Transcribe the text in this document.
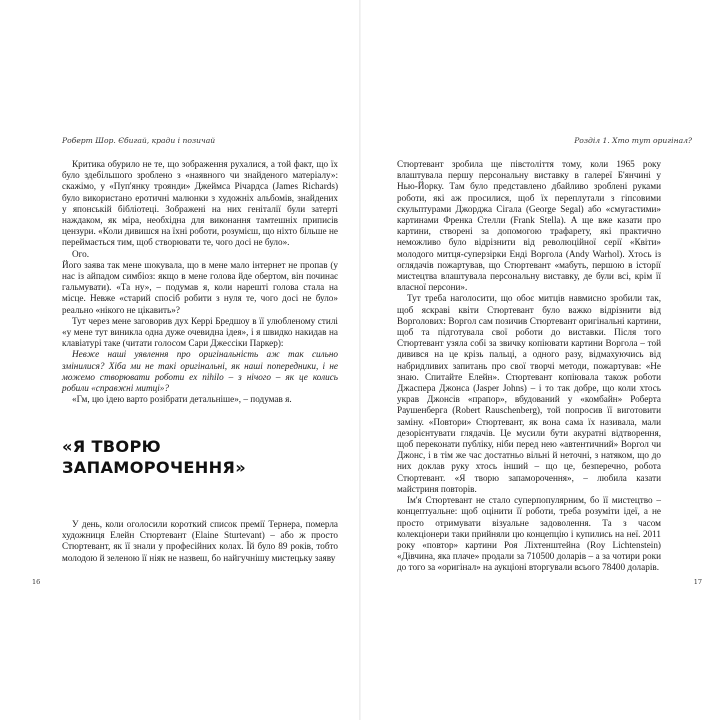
Роберт Шор. Єбигай, кради і позичай

Критика обурило не те, що зображення рухалися, а той факт, що їх було здебільшого зроблено з «наявного чи знайденого матеріалу»: скажімо, у «Пуп'янку троянди» Джеймса Річардса (James Richards) було використано еротичні малюнки з художніх альбомів, знайдених у японській бібліотеці. Зображені на них геніталії були затерті наждаком, як міра, необхідна для виконання тамтешніх приписів цензури. «Коли дивишся на їхні роботи, розумієш, що ніхто більше не переймається тим, щоб створювати те, чого досі не було».

Ого.

Його заява так мене шокувала, що в мене мало інтернет не пропав (у нас із айпадом симбіоз: якщо в мене голова йде обертом, він починає гальмувати). «Та ну», – подумав я, коли нарешті голова стала на місце. Невже «старий спосіб робити з нуля те, чого досі не було» реально «нікого не цікавить»?

Тут через мене заговорив дух Керрі Бредшоу в її улюбленому стилі «у мене тут виникла одна дуже очевидна ідея», і я швидко накидав на клавіатурі таке (читати голосом Сари Джессіки Паркер):

Невже наші уявлення про оригінальність аж так сильно змінилися? Хіба ми не такі оригінальні, як наші попередники, і не можемо створювати роботи ex nihilo – з нічого – як це колись робили «справжні митці»?

«Гм, цю ідею варто розібрати детальніше», – подумав я.

«Я ТВОРЮ
ЗАПАМОРОЧЕННЯ»

У день, коли оголосили короткий список премії Тернера, померла художниця Елейн Стюртевант (Elaine Sturtevant) – або ж просто Стюртевант, як її знали у професійних колах. Їй було 89 років, тобто молодою й зеленою її ніяк не назвеш, бо найгучнішу мистецьку заяву

16
Розділ 1. Хто тут оригінал?

Стюртевант зробила ще півстоліття тому, коли 1965 року влаштувала першу персональну виставку в галереї Б'янчині у Нью-Йорку. Там було представлено дбайливо зроблені руками роботи, які аж просилися, щоб їх переплутали з гіпсовими скульптурами Джорджа Сігала (George Segal) або «смугастими» картинами Френка Стелли (Frank Stella). А ще вже казати про картини, створені за допомогою трафарету, які практично неможливо було відрізнити від революційної серії «Квіти» молодого митця-суперзірки Енді Воргола (Andy Warhol). Хтось із оглядачів пожартував, що Стюртевант «мабуть, першою в історії мистецтва влаштувала персональну виставку, де були всі, крім її власної персони».

Тут треба наголосити, що обоє митців навмисно зробили так, щоб яскраві квіти Стюртевант було важко відрізнити від Ворголових: Воргол сам позичив Стюртевант оригінальні картини, щоб та підготувала свої роботи до виставки. Після того Стюртевант узяла собі за звичку копіювати картини Воргола – той дивився на це крізь пальці, а одного разу, відмахуючись від набридливих запитань про свої творчі методи, пожартував: «Не знаю. Спитайте Елейн». Стюртевант копіювала також роботи Джаспера Джонса (Jasper Johns) – і то так добре, що коли хтось украв Джонсів «прапор», вбудований у «комбайн» Роберта Раушенберга (Robert Rauschenberg), той попросив її виготовити заміну. «Повтори» Стюртевант, як вона сама їх називала, мали дезорієнтувати глядачів. Це мусили бути акуратні відтворення, щоб переконати публіку, ніби перед нею «автентичний» Воргол чи Джонс, і в тім же час достатньо вільні й неточні, з натяком, що до них доклав руку хтось інший – що це, безперечно, робота Стюртевант. «Я творю запаморочення», – любила казати майстриня повторів.

Ім'я Стюртевант не стало суперпопулярним, бо її мистецтво – концептуальне: щоб оцінити її роботи, треба розуміти ідеї, а не просто отримувати візуальне задоволення. Та з часом колекціонери таки прийняли цю концепцію і купились на неї. 2011 року «повтор» картини Роя Ліхтенштейна (Roy Lichtenstein) «Дівчина, яка плаче» продали за 710500 доларів – а за чотири роки до того за «оригінал» на аукціоні вторгували всього 78400 доларів.

17
